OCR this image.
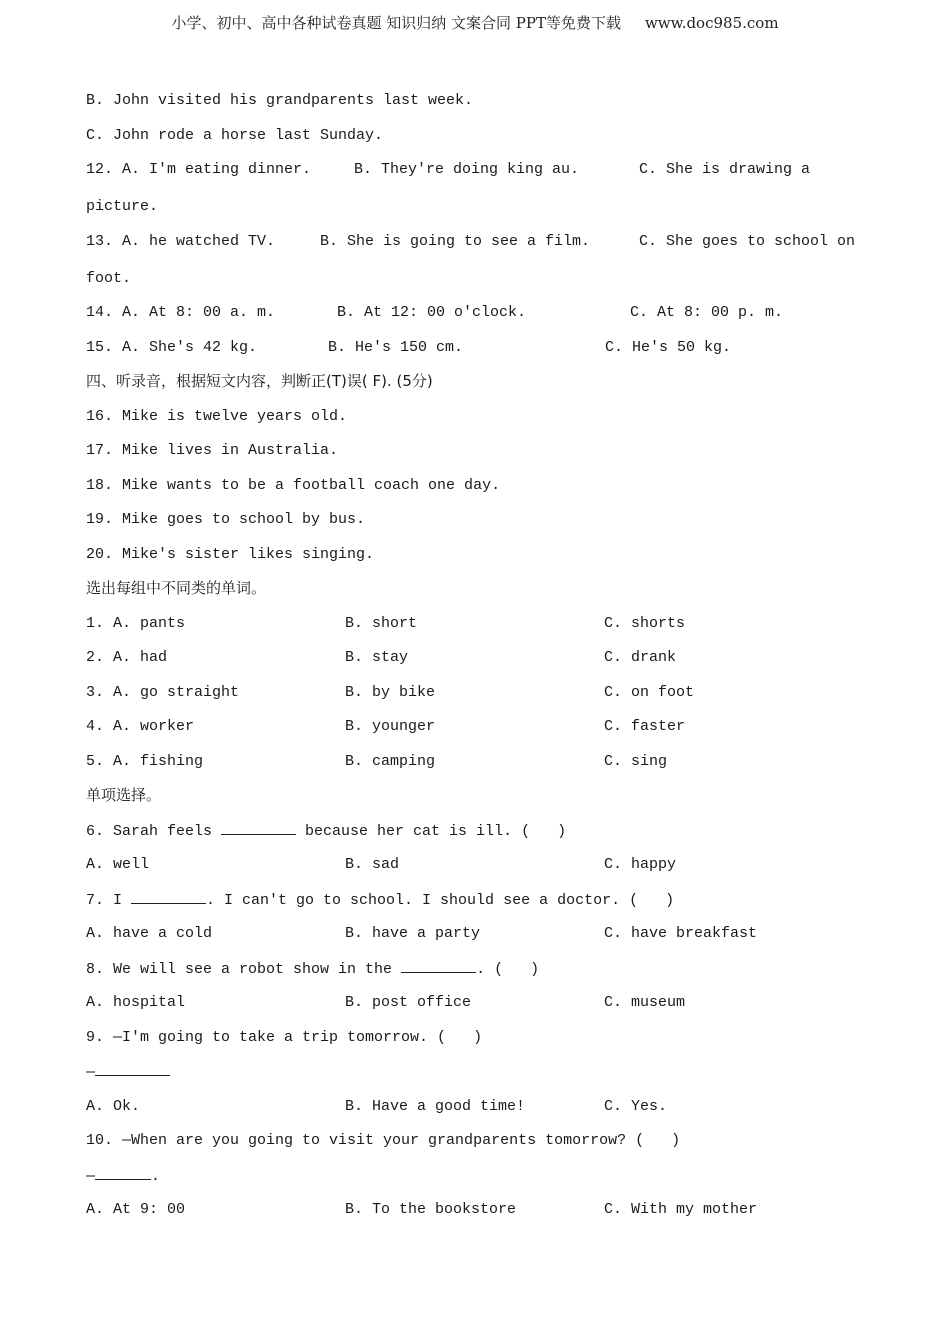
小学、初中、高中各种试卷真题 知识归纳 文案合同 PPT等免费下载 www.doc985.com
B. John visited his grandparents last week.
C. John rode a horse last Sunday.

12. A. I'm eating dinner.

	B. They're doing king au.

	C. She is drawing a

picture.

13. A. he watched TV.

	B. She is going to see a film.

	C. She goes to school on

foot.

14. A. At 8: 00 a. m.

	B. At 12: 00 o'clock.

	C. At 8: 00 p. m.

15. A. She's 42 kg.

	B. He's 150 cm.

	C. He's 50 kg.

四、听录音，根据短文内容，判断正(T)误( F). (5分)
16. Mike is twelve years old.
17. Mike lives in Australia.
18. Mike wants to be a football coach one day.
19. Mike goes to school by bus.
20. Mike's sister likes singing.
选出每组中不同类的单词。

1. A. pants

	B. short

	C. shorts

2. A. had

	B. stay

	C. drank

3. A. go straight

	B. by bike

	C. on foot

4. A. worker

	B. younger

	C. faster

5. A. fishing

	B. camping

	C. sing

单项选择。
6. Sarah feels	because her cat is ill. (   )

A. well

	B. sad

	C. happy

7. I	. I can't go to school. I should see a doctor. (   )

A. have a cold

	B. have a party

	C. have breakfast

8. We will see a robot show in the	. (   )

A. hospital

	B. post office

	C. museum

9. —I'm going to take a trip tomorrow. (   )
—

A. Ok.

	B. Have a good time!

	C. Yes.

10. —When are you going to visit your grandparents tomorrow? (   )
—	.

A. At 9: 00

	B. To the bookstore

	C. With my mother
